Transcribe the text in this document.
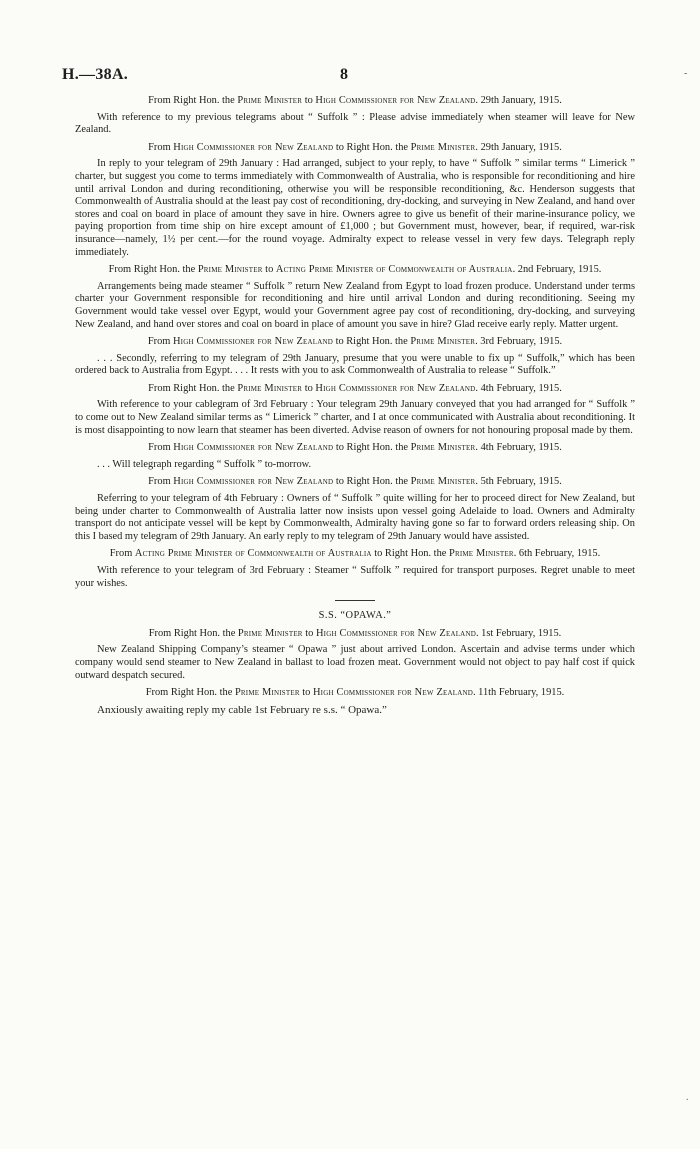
H.—38A.	8	-
.
From Right Hon. the Prime Minister to High Commissioner for New Zealand. 29th January, 1915.
With reference to my previous telegrams about “ Suffolk ” : Please advise immediately when steamer will leave for New Zealand.
From High Commissioner for New Zealand to Right Hon. the Prime Minister. 29th January, 1915.
In reply to your telegram of 29th January : Had arranged, subject to your reply, to have “ Suffolk ” similar terms “ Limerick ” charter, but suggest you come to terms immediately with Commonwealth of Australia, who is responsible for reconditioning and hire until arrival London and during reconditioning, otherwise you will be responsible reconditioning, &c. Henderson suggests that Commonwealth of Australia should at the least pay cost of reconditioning, dry-docking, and surveying in New Zealand, and hand over stores and coal on board in place of amount they save in hire. Owners agree to give us benefit of their marine-insurance policy, we paying proportion from time ship on hire except amount of £1,000 ; but Government must, however, bear, if required, war-risk insurance—namely, 1½ per cent.—for the round voyage. Admiralty expect to release vessel in very few days. Telegraph reply immediately.
From Right Hon. the Prime Minister to Acting Prime Minister of Commonwealth of Australia. 2nd February, 1915.
Arrangements being made steamer “ Suffolk ” return New Zealand from Egypt to load frozen produce. Understand under terms charter your Government responsible for reconditioning and hire until arrival London and during reconditioning. Seeing my Government would take vessel over Egypt, would your Government agree pay cost of reconditioning, dry-docking, and surveying New Zealand, and hand over stores and coal on board in place of amount you save in hire? Glad receive early reply. Matter urgent.
From High Commissioner for New Zealand to Right Hon. the Prime Minister. 3rd February, 1915.
. . . Secondly, referring to my telegram of 29th January, presume that you were unable to fix up “ Suffolk,” which has been ordered back to Australia from Egypt. . . . It rests with you to ask Commonwealth of Australia to release “ Suffolk.”
From Right Hon. the Prime Minister to High Commissioner for New Zealand. 4th February, 1915.
With reference to your cablegram of 3rd February : Your telegram 29th January conveyed that you had arranged for “ Suffolk ” to come out to New Zealand similar terms as “ Limerick ” charter, and I at once communicated with Australia about reconditioning. It is most disappointing to now learn that steamer has been diverted. Advise reason of owners for not honouring proposal made by them.
From High Commissioner for New Zealand to Right Hon. the Prime Minister. 4th February, 1915.
. . . Will telegraph regarding “ Suffolk ” to-morrow.
From High Commissioner for New Zealand to Right Hon. the Prime Minister. 5th February, 1915.
Referring to your telegram of 4th February : Owners of “ Suffolk ” quite willing for her to proceed direct for New Zealand, but being under charter to Commonwealth of Australia latter now insists upon vessel going Adelaide to load. Owners and Admiralty transport do not anticipate vessel will be kept by Commonwealth, Admiralty having gone so far to forward orders releasing ship. On this I based my telegram of 29th January. An early reply to my telegram of 29th January would have assisted.
From Acting Prime Minister of Commonwealth of Australia to Right Hon. the Prime Minister. 6th February, 1915.
With reference to your telegram of 3rd February : Steamer “ Suffolk ” required for transport purposes. Regret unable to meet your wishes.
S.S. “OPAWA.”
From Right Hon. the Prime Minister to High Commissioner for New Zealand. 1st February, 1915.
New Zealand Shipping Company’s steamer “ Opawa ” just about arrived London. Ascertain and advise terms under which company would send steamer to New Zealand in ballast to load frozen meat. Government would not object to pay half cost if quick outward despatch secured.
From Right Hon. the Prime Minister to High Commissioner for New Zealand. 11th February, 1915.
Anxiously awaiting reply my cable 1st February re s.s. “ Opawa.”
